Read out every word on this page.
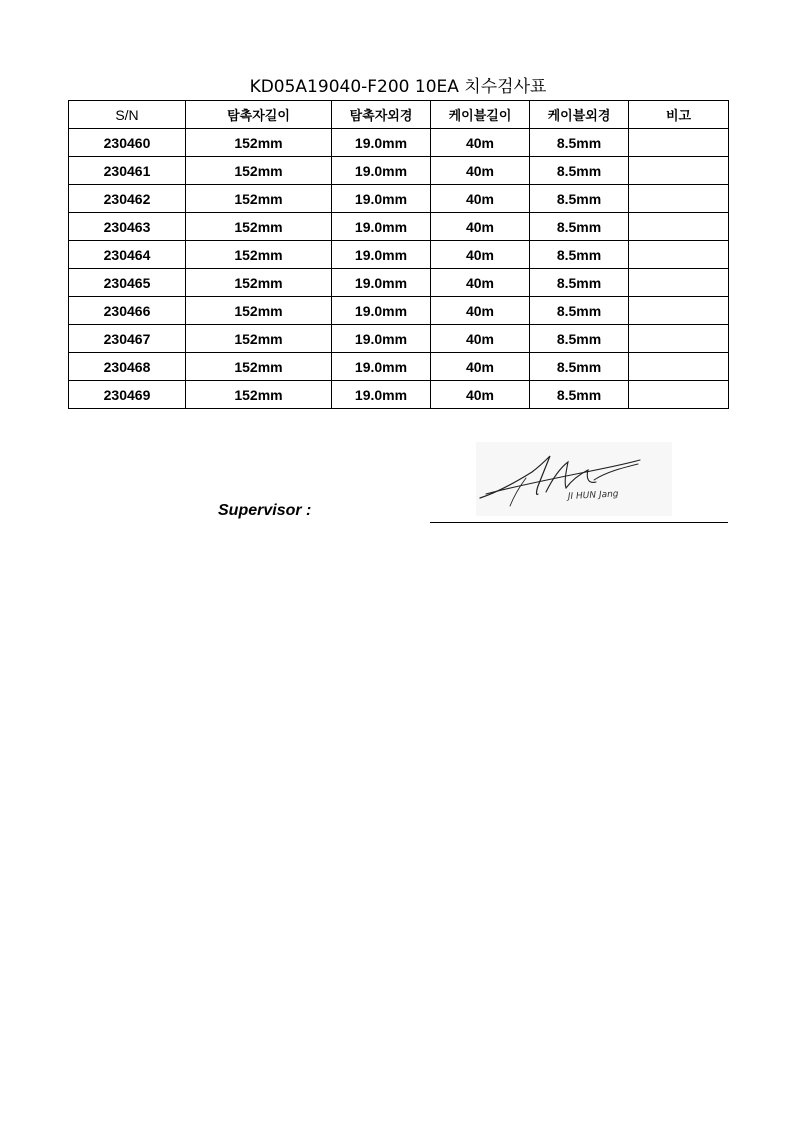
KD05A19040-F200 10EA 치수검사표
S/N	탐촉자길이	탐촉자외경	케이블길이	케이블외경	비고
230460	152mm	19.0mm	40m	8.5mm	
230461	152mm	19.0mm	40m	8.5mm	
230462	152mm	19.0mm	40m	8.5mm	
230463	152mm	19.0mm	40m	8.5mm	
230464	152mm	19.0mm	40m	8.5mm	
230465	152mm	19.0mm	40m	8.5mm	
230466	152mm	19.0mm	40m	8.5mm	
230467	152mm	19.0mm	40m	8.5mm	
230468	152mm	19.0mm	40m	8.5mm	
230469	152mm	19.0mm	40m	8.5mm	
Supervisor :
JI HUN Jang
